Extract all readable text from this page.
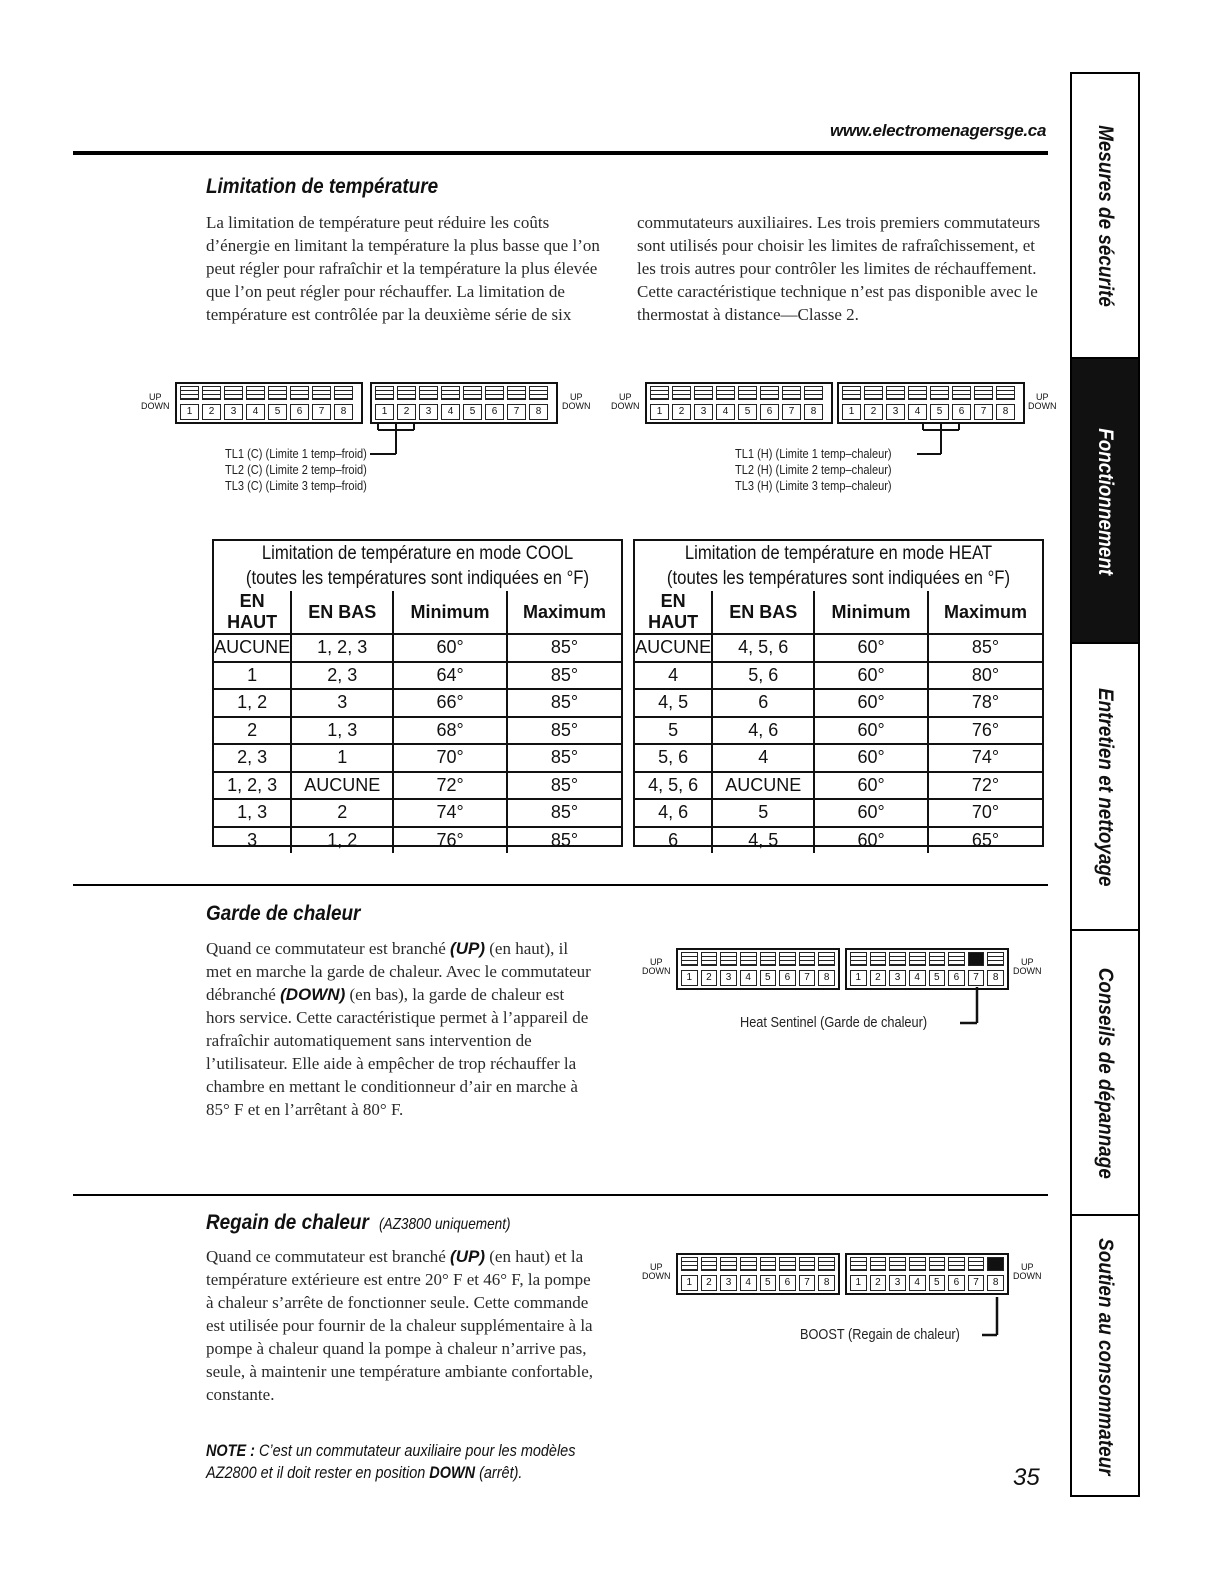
www.electromenagersge.ca Mesures de sécurité
Fonctionnement
Entretien et nettoyage
Conseils de dépannage
Soutien au consommateur
Limitation de température

La limitation de température peut réduire les coûts d’énergie en limitant la température la plus basse que l’on peut régler pour rafraîchir et la température la plus élevée que l’on peut régler pour réchauffer. La limitation de température est contrôlée par la deuxième série de six

commutateurs auxiliaires. Les trois premiers commutateurs sont utilisés pour choisir les limites de rafraîchissement, et les trois autres pour contrôler les limites de réchauffement. Cette caractéristique technique n’est pas disponible avec le thermostat à distance—Classe 2.

UP
DOWN	1	2	3	4	5	6	7	8	1	2	3	4	5	6	7	8
UP
DOWN
UP
DOWN	1	2	3	4	5	6	7	8	1	2	3	4	5	6	7	8
UP
DOWN
TL1 (C) (Limite 1 temp–froid)
TL2 (C) (Limite 2 temp–froid)
TL3 (C) (Limite 3 temp–froid)
TL1 (H) (Limite 1 temp–chaleur)
TL2 (H) (Limite 2 temp–chaleur)
TL3 (H) (Limite 3 temp–chaleur)
Limitation de température en mode COOL
(toutes les températures sont indiquées en °F)
EN HAUT	EN BAS	Minimum	Maximum
AUCUNE	1, 2, 3	60°	85°
1	2, 3	64°	85°
1, 2	3	66°	85°
2	1, 3	68°	85°
2, 3	1	70°	85°
1, 2, 3	AUCUNE	72°	85°
1, 3	2	74°	85°
3	1, 2	76°	85°
Limitation de température en mode HEAT
(toutes les températures sont indiquées en °F)
EN HAUT	EN BAS	Minimum	Maximum
AUCUNE	4, 5, 6	60°	85°
4	5, 6	60°	80°
4, 5	6	60°	78°
5	4, 6	60°	76°
5, 6	4	60°	74°
4, 5, 6	AUCUNE	60°	72°
4, 6	5	60°	70°
6	4, 5	60°	65°
Garde de chaleur

Quand ce commutateur est branché (UP) (en haut), il met en marche la garde de chaleur. Avec le commutateur débranché (DOWN) (en bas), la garde de chaleur est hors service. Cette caractéristique permet à l’appareil de rafraîchir automatiquement sans intervention de l’utilisateur. Elle aide à empêcher de trop réchauffer la chambre en mettant le conditionneur d’air en marche à 85° F et en l’arrêtant à 80° F.

UP
DOWN
1	2	3	4	5	6	7	8	1	2	3	4	5	6	7	8
UP
DOWN
Heat Sentinel (Garde de chaleur)
Regain de chaleur (AZ3800 uniquement)

Quand ce commutateur est branché (UP) (en haut) et la température extérieure est entre 20° F et 46° F, la pompe à chaleur s’arrête de fonctionner seule. Cette commande est utilisée pour fournir de la chaleur supplémentaire à la pompe à chaleur quand la pompe à chaleur n’arrive pas, seule, à maintenir une température ambiante confortable, constante.

UP
DOWN
1	2	3	4	5	6	7	8	1	2	3	4	5	6	7	8
UP
DOWN
BOOST (Regain de chaleur)
NOTE : C’est un commutateur auxiliaire pour les modèles
AZ2800 et il doit rester en position DOWN (arrêt).	35
